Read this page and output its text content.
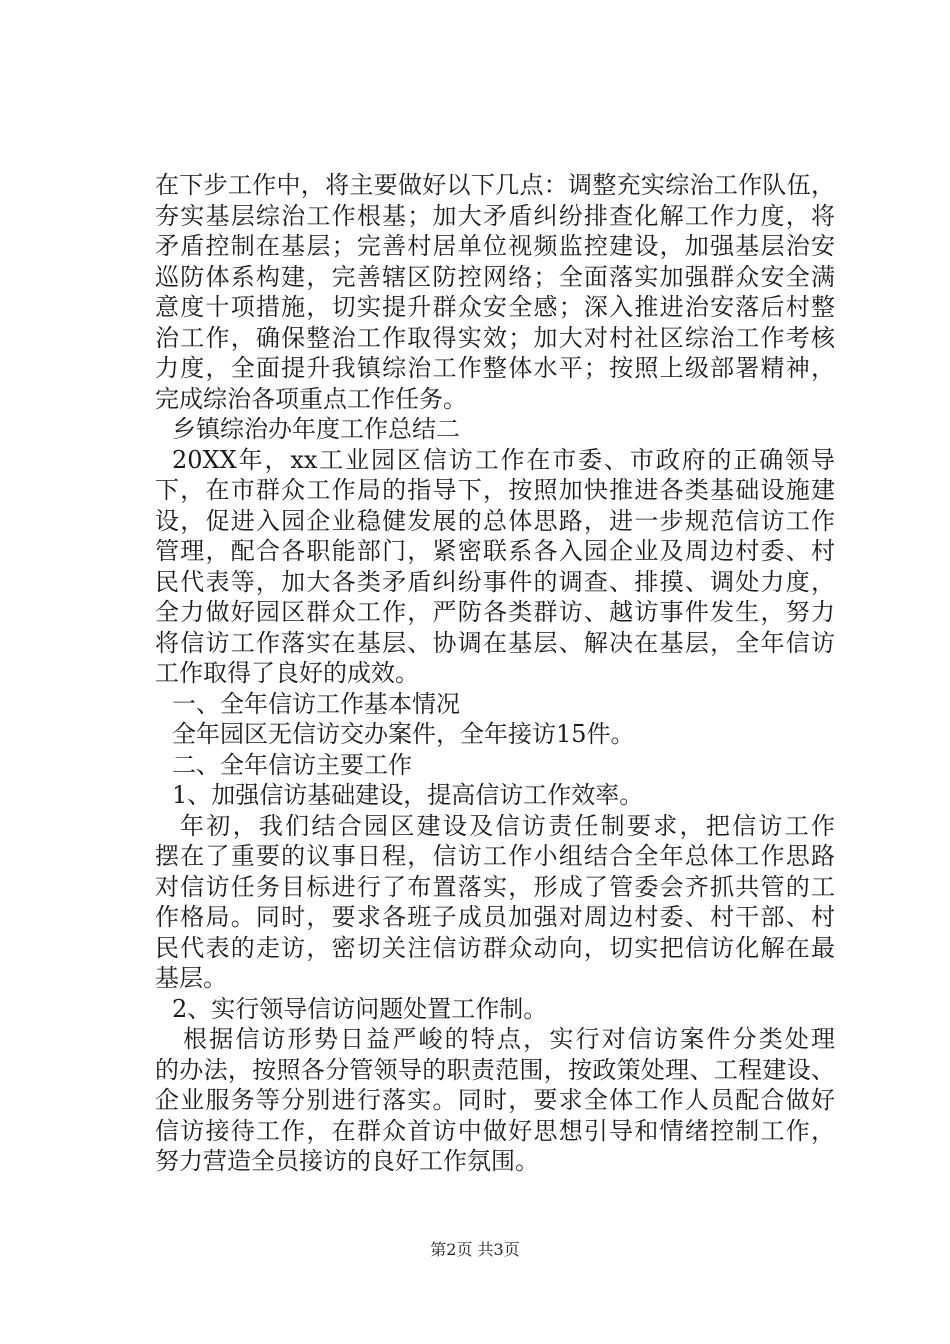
在下步工作中，将主要做好以下几点：调整充实综治工作队伍，
夯实基层综治工作根基；加大矛盾纠纷排查化解工作力度，将
矛盾控制在基层；完善村居单位视频监控建设，加强基层治安
巡防体系构建，完善辖区防控网络；全面落实加强群众安全满
意度十项措施，切实提升群众安全感；深入推进治安落后村整
治工作，确保整治工作取得实效；加大对村社区综治工作考核
力度，全面提升我镇综治工作整体水平；按照上级部署精神，
完成综治各项重点工作任务。
乡镇综治办年度工作总结二
20XX年，xx工业园区信访工作在市委、市政府的正确领导
下，在市群众工作局的指导下，按照加快推进各类基础设施建
设，促进入园企业稳健发展的总体思路，进一步规范信访工作
管理，配合各职能部门，紧密联系各入园企业及周边村委、村
民代表等，加大各类矛盾纠纷事件的调查、排摸、调处力度，
全力做好园区群众工作，严防各类群访、越访事件发生，努力
将信访工作落实在基层、协调在基层、解决在基层，全年信访
工作取得了良好的成效。
一、全年信访工作基本情况
全年园区无信访交办案件，全年接访15件。
二、全年信访主要工作
1、加强信访基础建设，提高信访工作效率。
年初，我们结合园区建设及信访责任制要求，把信访工作
摆在了重要的议事日程，信访工作小组结合全年总体工作思路
对信访任务目标进行了布置落实，形成了管委会齐抓共管的工
作格局。同时，要求各班子成员加强对周边村委、村干部、村
民代表的走访，密切关注信访群众动向，切实把信访化解在最
基层。
2、实行领导信访问题处置工作制。
根据信访形势日益严峻的特点，实行对信访案件分类处理
的办法，按照各分管领导的职责范围，按政策处理、工程建设、
企业服务等分别进行落实。同时，要求全体工作人员配合做好
信访接待工作，在群众首访中做好思想引导和情绪控制工作，
努力营造全员接访的良好工作氛围。
第2页 共3页
